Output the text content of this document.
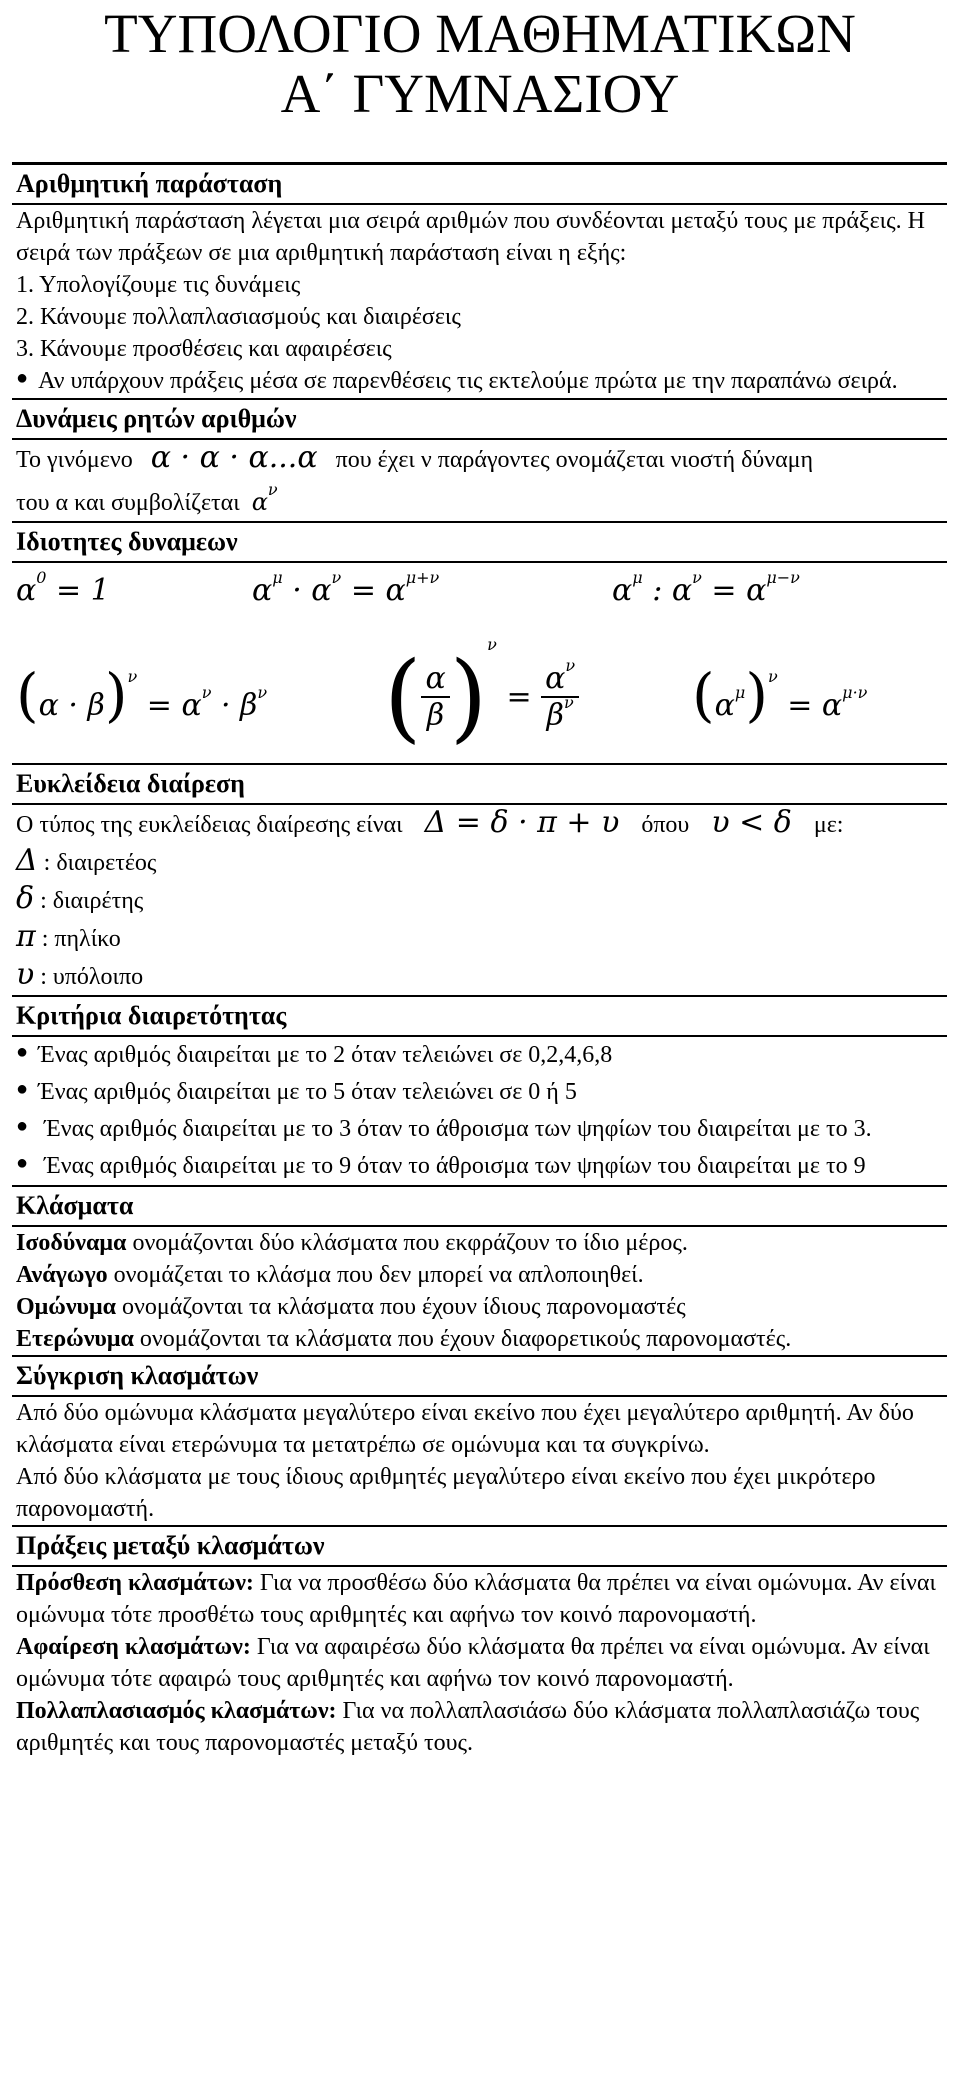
ΤΥΠΟΛΟΓΙΟ ΜΑΘΗΜΑΤΙΚΩΝ
Α΄ ΓΥΜΝΑΣΙΟΥ
Αριθμητική παράσταση
Αριθμητική παράσταση λέγεται μια σειρά αριθμών που συνδέονται μεταξύ τους με πράξεις. Η σειρά των πράξεων σε μια αριθμητική παράσταση είναι η εξής:
1. Υπολογίζουμε τις δυνάμεις
2. Κάνουμε πολλαπλασιασμούς και διαιρέσεις
3. Κάνουμε προσθέσεις και αφαιρέσεις
● Αν υπάρχουν πράξεις μέσα σε παρενθέσεις τις εκτελούμε πρώτα με την παραπάνω σειρά.
Δυνάμεις ρητών αριθμών
Το γινόμενο α · α · α...α που έχει ν παράγοντες ονομάζεται νιοστή δύναμη
του α και συμβολίζεται $\alpha^\nu$
Ιδιοτητες δυναμεων
$\alpha^0 = 1$	$\alpha^\mu \cdot \alpha^\nu = \alpha^{\mu+\nu}$	$\alpha^\mu$ : $\alpha^\nu = \alpha^{\mu-\nu}$
$(\alpha \cdot \beta)^\nu = \alpha^\nu \cdot \beta^\nu$ ( $\frac{\alpha}{\beta} )^\nu = \frac{\alpha^\nu}{\beta^\nu} (\alpha^\mu)^\nu = \alpha^{\mu\cdot\nu}$
Ευκλείδεια διαίρεση
Ο τύπος της ευκλείδειας διαίρεσης είναι Δ = δ · π + υ όπου υ < δ με:
Δ : διαιρετέος
δ : διαιρέτης
π : πηλίκο
υ : υπόλοιπο
Κριτήρια διαιρετότητας
● Ένας αριθμός διαιρείται με το 2 όταν τελειώνει σε 0,2,4,6,8
● Ένας αριθμός διαιρείται με το 5 όταν τελειώνει σε 0 ή 5
● Ένας αριθμός διαιρείται με το 3 όταν το άθροισμα των ψηφίων του διαιρείται με το 3.
● Ένας αριθμός διαιρείται με το 9 όταν το άθροισμα των ψηφίων του διαιρείται με το 9
Κλάσματα
Ισοδύναμα ονομάζονται δύο κλάσματα που εκφράζουν το ίδιο μέρος.
Ανάγωγο ονομάζεται το κλάσμα που δεν μπορεί να απλοποιηθεί.
Ομώνυμα ονομάζονται τα κλάσματα που έχουν ίδιους παρονομαστές
Ετερώνυμα ονομάζονται τα κλάσματα που έχουν διαφορετικούς παρονομαστές.
Σύγκριση κλασμάτων
Από δύο ομώνυμα κλάσματα μεγαλύτερο είναι εκείνο που έχει μεγαλύτερο αριθμητή. Αν δύο κλάσματα είναι ετερώνυμα τα μετατρέπω σε ομώνυμα και τα συγκρίνω.
Από δύο κλάσματα με τους ίδιους αριθμητές μεγαλύτερο είναι εκείνο που έχει μικρότερο παρονομαστή.
Πράξεις μεταξύ κλασμάτων
Πρόσθεση κλασμάτων: Για να προσθέσω δύο κλάσματα θα πρέπει να είναι ομώνυμα. Αν είναι ομώνυμα τότε προσθέτω τους αριθμητές και αφήνω τον κοινό παρονομαστή.
Αφαίρεση κλασμάτων: Για να αφαιρέσω δύο κλάσματα θα πρέπει να είναι ομώνυμα. Αν είναι ομώνυμα τότε αφαιρώ τους αριθμητές και αφήνω τον κοινό παρονομαστή.
Πολλαπλασιασμός κλασμάτων: Για να πολλαπλασιάσω δύο κλάσματα πολλαπλασιάζω τους αριθμητές και τους παρονομαστές μεταξύ τους.
